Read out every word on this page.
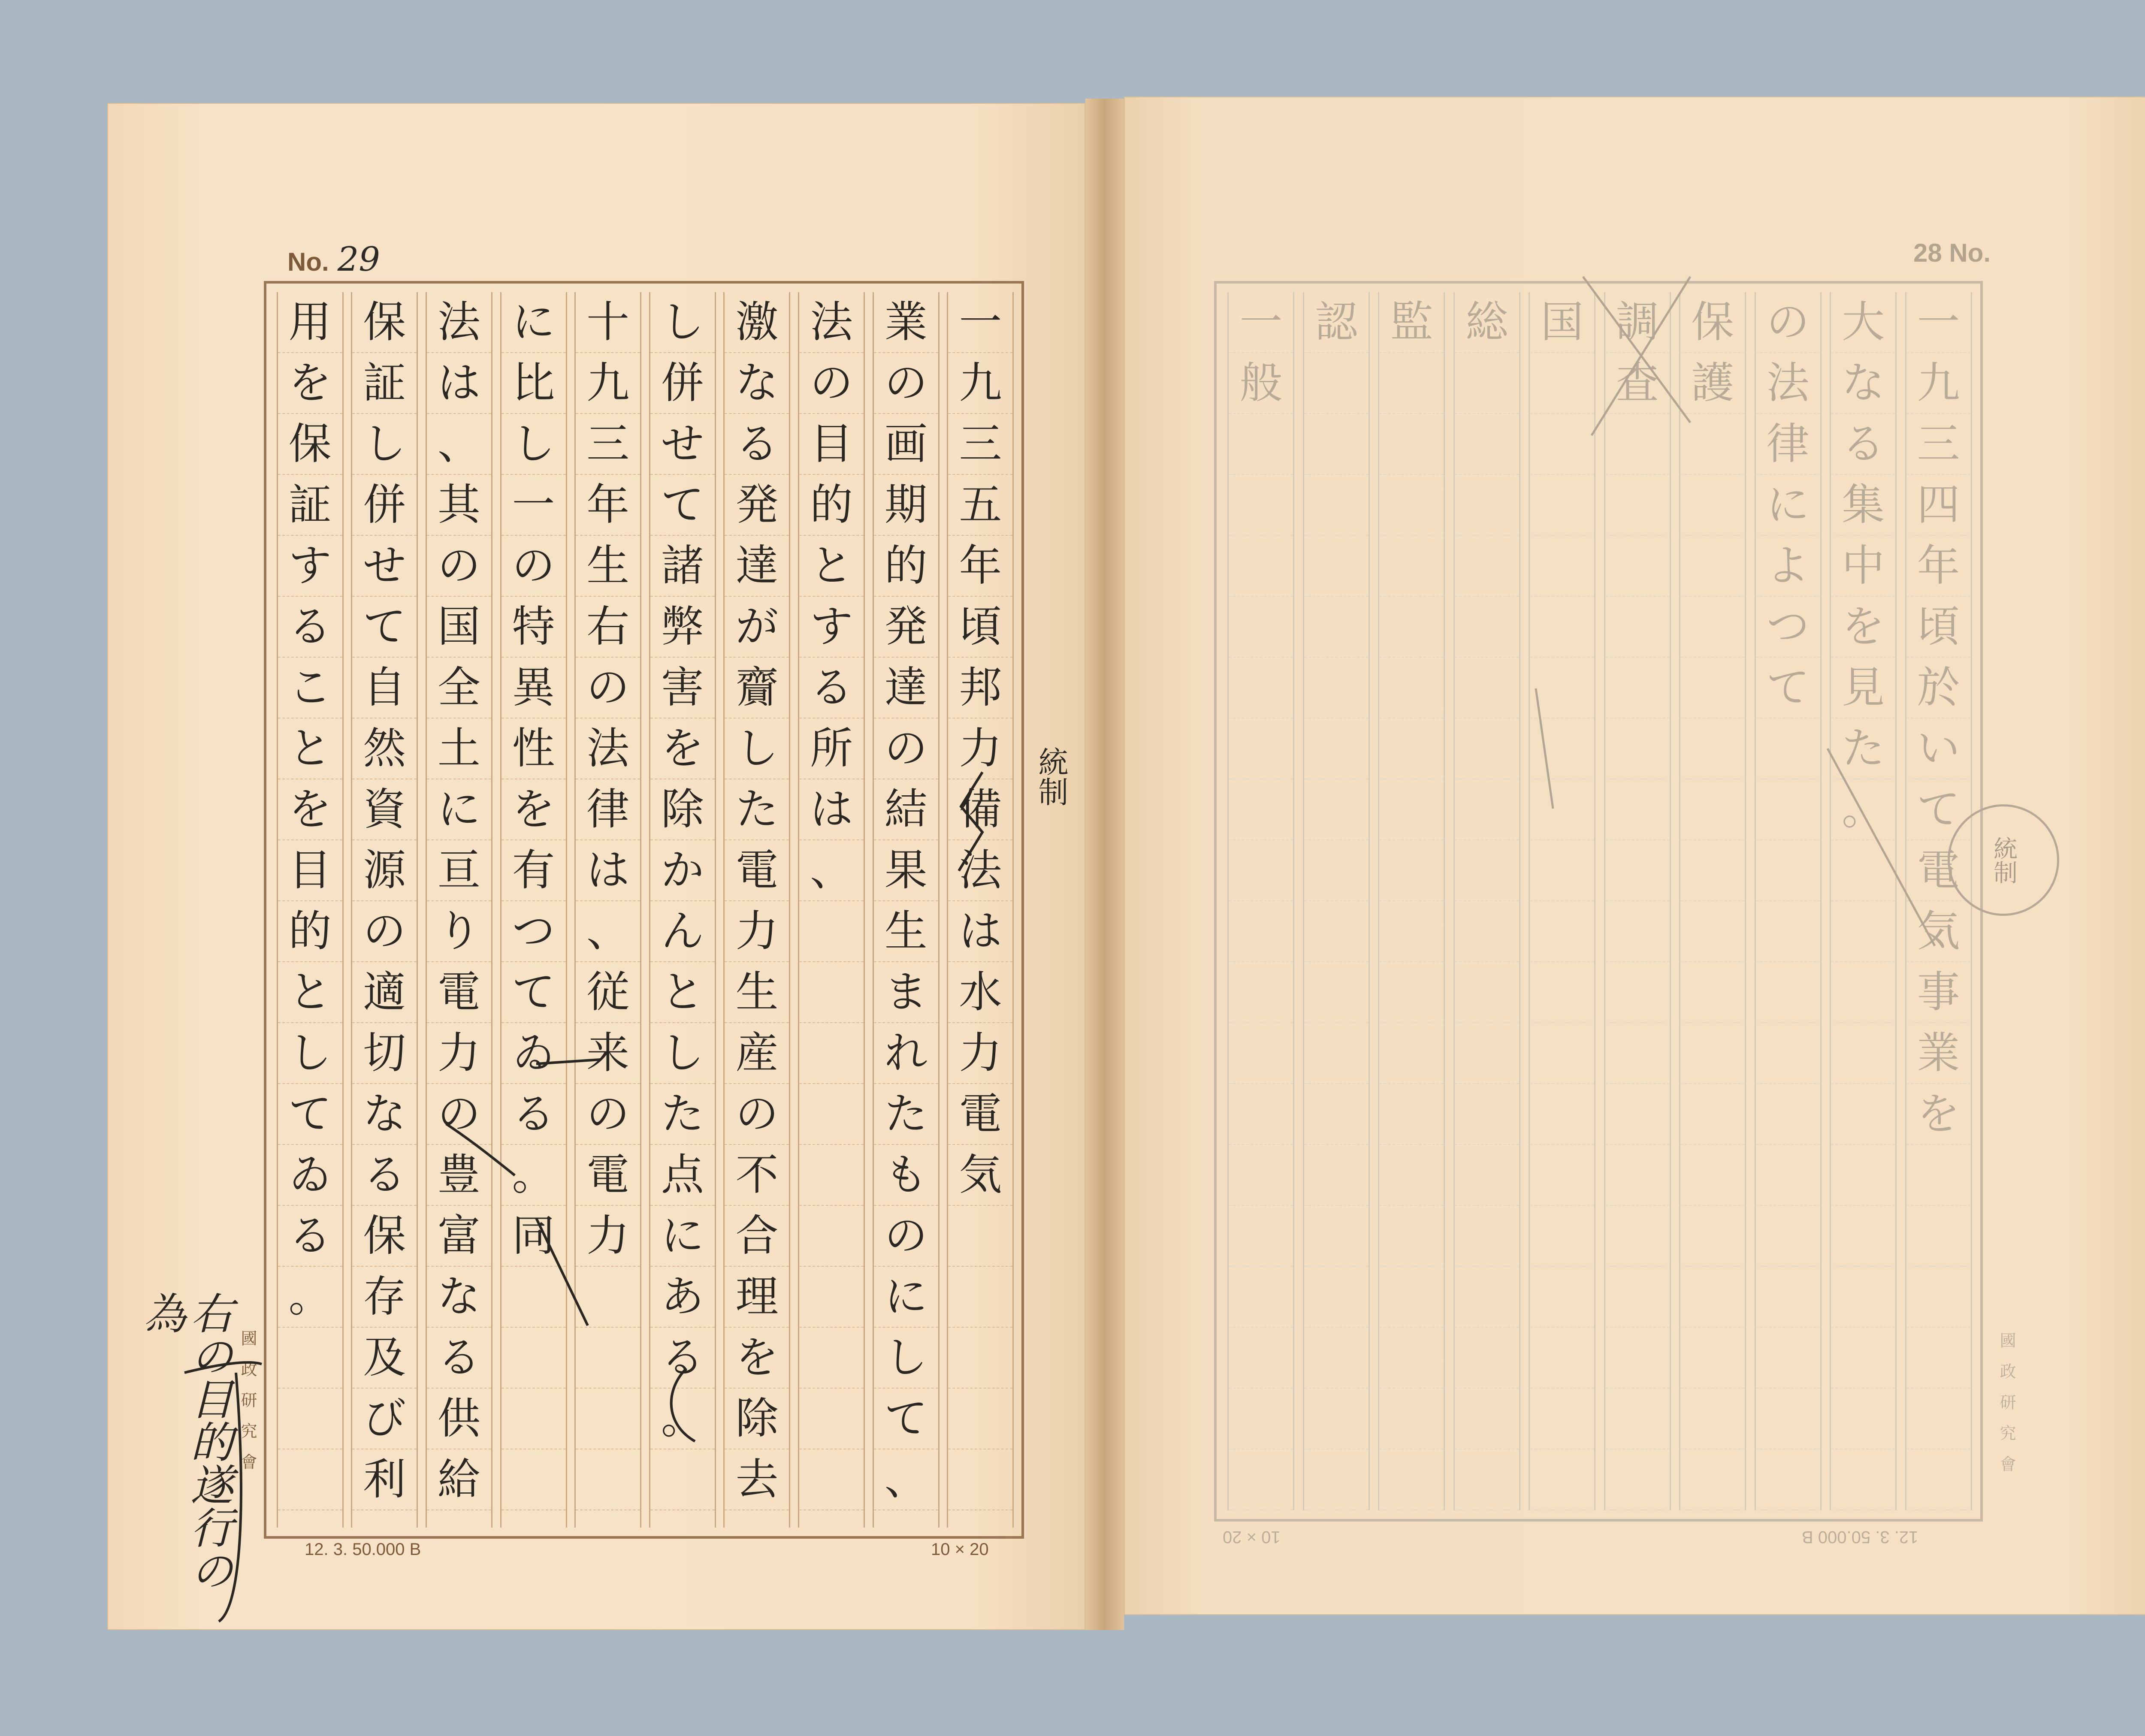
No. 29
一
九
三
五
年
頃
邦
力
備
法
は
水
力
電
気
業
の
画
期
的
発
達
の
結
果
生
ま
れ
た
も
の
に
し
て
、
法
の
目
的
と
す
る
所
は
、
激
な
る
発
達
が
齎
し
た
電
力
生
産
の
不
合
理
を
除
去
し
併
せ
て
諸
弊
害
を
除
か
ん
と
し
た
点
に
あ
る
。
十
九
三
年
生
右
の
法
律
は
、
従
来
の
電
力
に
比
し
一
の
特
異
性
を
有
つ
て
ゐ
る
。
同
法
は
、
其
の
国
全
土
に
亘
り
電
力
の
豊
富
な
る
供
給
保
証
し
併
せ
て
自
然
資
源
の
適
切
な
る
保
存
及
び
利
用
を
保
証
す
る
こ
と
を
目
的
と
し
て
ゐ
る
。
12. 3. 50.000 B	10 × 20
國政研究會
右の目的遂行の為
統制
28 No.
一
九
三
四
年
頃
於
い
て
電
気
事
業
を
大
な
る
集
中
を
見
た
。
の
法
律
に
よ
つ
て
保
護
調
査
国
総
監
認
一
般
12. 3. 50.000 B
10 × 20
國政研究會
統制
